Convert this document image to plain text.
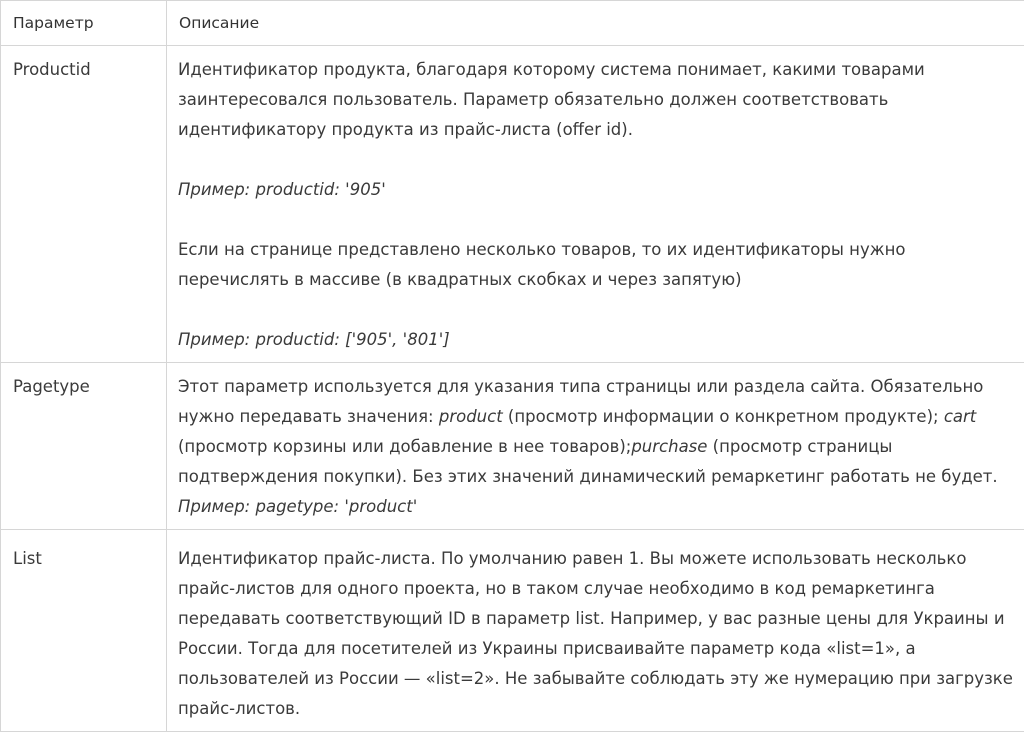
Параметр	Описание
Productid	Идентификатор продукта, благодаря которому система понимает, какими товарами заинтересовался пользователь. Параметр обязательно должен соответствовать идентификатору продукта из прайс-листа (offer id).

Пример: productid: '905'

Если на странице представлено несколько товаров, то их идентификаторы нужно перечислять в массиве (в квадратных скобках и через запятую)

Пример: productid: ['905', '801']

Pagetype	Этот параметр используется для указания типа страницы или раздела сайта. Обязательно нужно передавать значения: product (просмотр информации о конкретном продукте); cart (просмотр корзины или добавление в нее товаров);purchase (просмотр страницы подтверждения покупки). Без этих значений динамический ремаркетинг работать не будет.

Пример: pagetype: 'product'

List	Идентификатор прайс-листа. По умолчанию равен 1. Вы можете использовать несколько прайс-листов для одного проекта, но в таком случае необходимо в код ремаркетинга передавать соответствующий ID в параметр list. Например, у вас разные цены для Украины и России. Тогда для посетителей из Украины присваивайте параметр кода «list=1», а пользователей из России — «list=2». Не забывайте соблюдать эту же нумерацию при загрузке прайс-листов.
